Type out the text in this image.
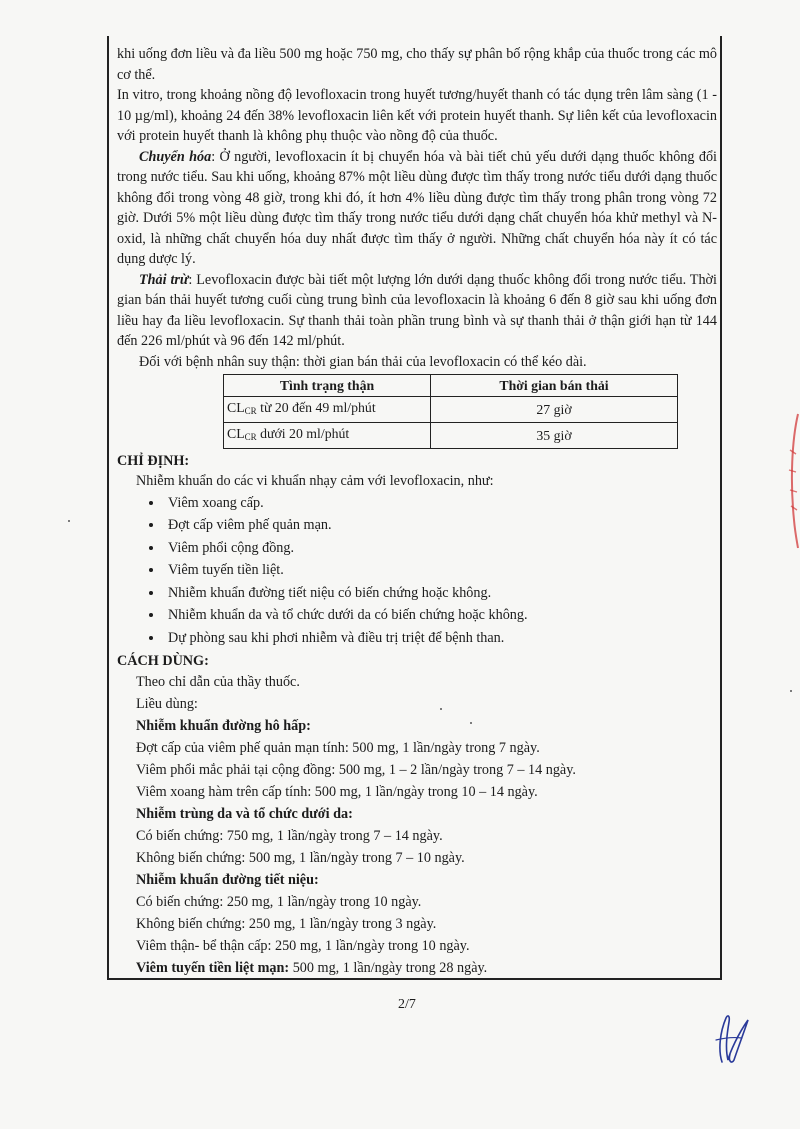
khi uống đơn liều và đa liều 500 mg hoặc 750 mg, cho thấy sự phân bố rộng khắp của thuốc trong các mô cơ thể.

In vitro, trong khoảng nồng độ levofloxacin trong huyết tương/huyết thanh có tác dụng trên lâm sàng (1 - 10 µg/ml), khoảng 24 đến 38% levofloxacin liên kết với protein huyết thanh. Sự liên kết của levofloxacin với protein huyết thanh là không phụ thuộc vào nồng độ của thuốc.

Chuyển hóa: Ở người, levofloxacin ít bị chuyển hóa và bài tiết chủ yếu dưới dạng thuốc không đổi trong nước tiểu. Sau khi uống, khoảng 87% một liều dùng được tìm thấy trong nước tiểu dưới dạng thuốc không đổi trong vòng 48 giờ, trong khi đó, ít hơn 4% liều dùng được tìm thấy trong phân trong vòng 72 giờ. Dưới 5% một liều dùng được tìm thấy trong nước tiểu dưới dạng chất chuyển hóa khử methyl và N-oxid, là những chất chuyển hóa duy nhất được tìm thấy ở người. Những chất chuyển hóa này ít có tác dụng dược lý.

Thải trừ: Levofloxacin được bài tiết một lượng lớn dưới dạng thuốc không đổi trong nước tiểu. Thời gian bán thải huyết tương cuối cùng trung bình của levofloxacin là khoảng 6 đến 8 giờ sau khi uống đơn liều hay đa liều levofloxacin. Sự thanh thải toàn phần trung bình và sự thanh thải ở thận giới hạn từ 144 đến 226 ml/phút và 96 đến 142 ml/phút.

Đối với bệnh nhân suy thận: thời gian bán thải của levofloxacin có thể kéo dài.

Tình trạng thận	Thời gian bán thải
$CL_{CR}$ từ 20 đến 49 ml/phút	27 giờ
$CL_{CR}$ dưới 20 ml/phút	35 giờ
CHỈ ĐỊNH:

Nhiễm khuẩn do các vi khuẩn nhạy cảm với levofloxacin, như:

• Viêm xoang cấp.
• Đợt cấp viêm phế quản mạn.
• Viêm phổi cộng đồng.
• Viêm tuyến tiền liệt.
• Nhiễm khuẩn đường tiết niệu có biến chứng hoặc không.
• Nhiễm khuẩn da và tổ chức dưới da có biến chứng hoặc không.
• Dự phòng sau khi phơi nhiễm và điều trị triệt để bệnh than.
CÁCH DÙNG:

Theo chỉ dẫn của thầy thuốc.

Liều dùng:

Nhiễm khuẩn đường hô hấp:

Đợt cấp của viêm phế quản mạn tính: 500 mg, 1 lần/ngày trong 7 ngày.

Viêm phổi mắc phải tại cộng đồng: 500 mg, 1 – 2 lần/ngày trong 7 – 14 ngày.

Viêm xoang hàm trên cấp tính: 500 mg, 1 lần/ngày trong 10 – 14 ngày.

Nhiễm trùng da và tổ chức dưới da:

Có biến chứng: 750 mg, 1 lần/ngày trong 7 – 14 ngày.

Không biến chứng: 500 mg, 1 lần/ngày trong 7 – 10 ngày.

Nhiễm khuẩn đường tiết niệu:

Có biến chứng: 250 mg, 1 lần/ngày trong 10 ngày.

Không biến chứng: 250 mg, 1 lần/ngày trong 3 ngày.

Viêm thận- bể thận cấp: 250 mg, 1 lần/ngày trong 10 ngày.

Viêm tuyến tiền liệt mạn: 500 mg, 1 lần/ngày trong 28 ngày.

2/7
